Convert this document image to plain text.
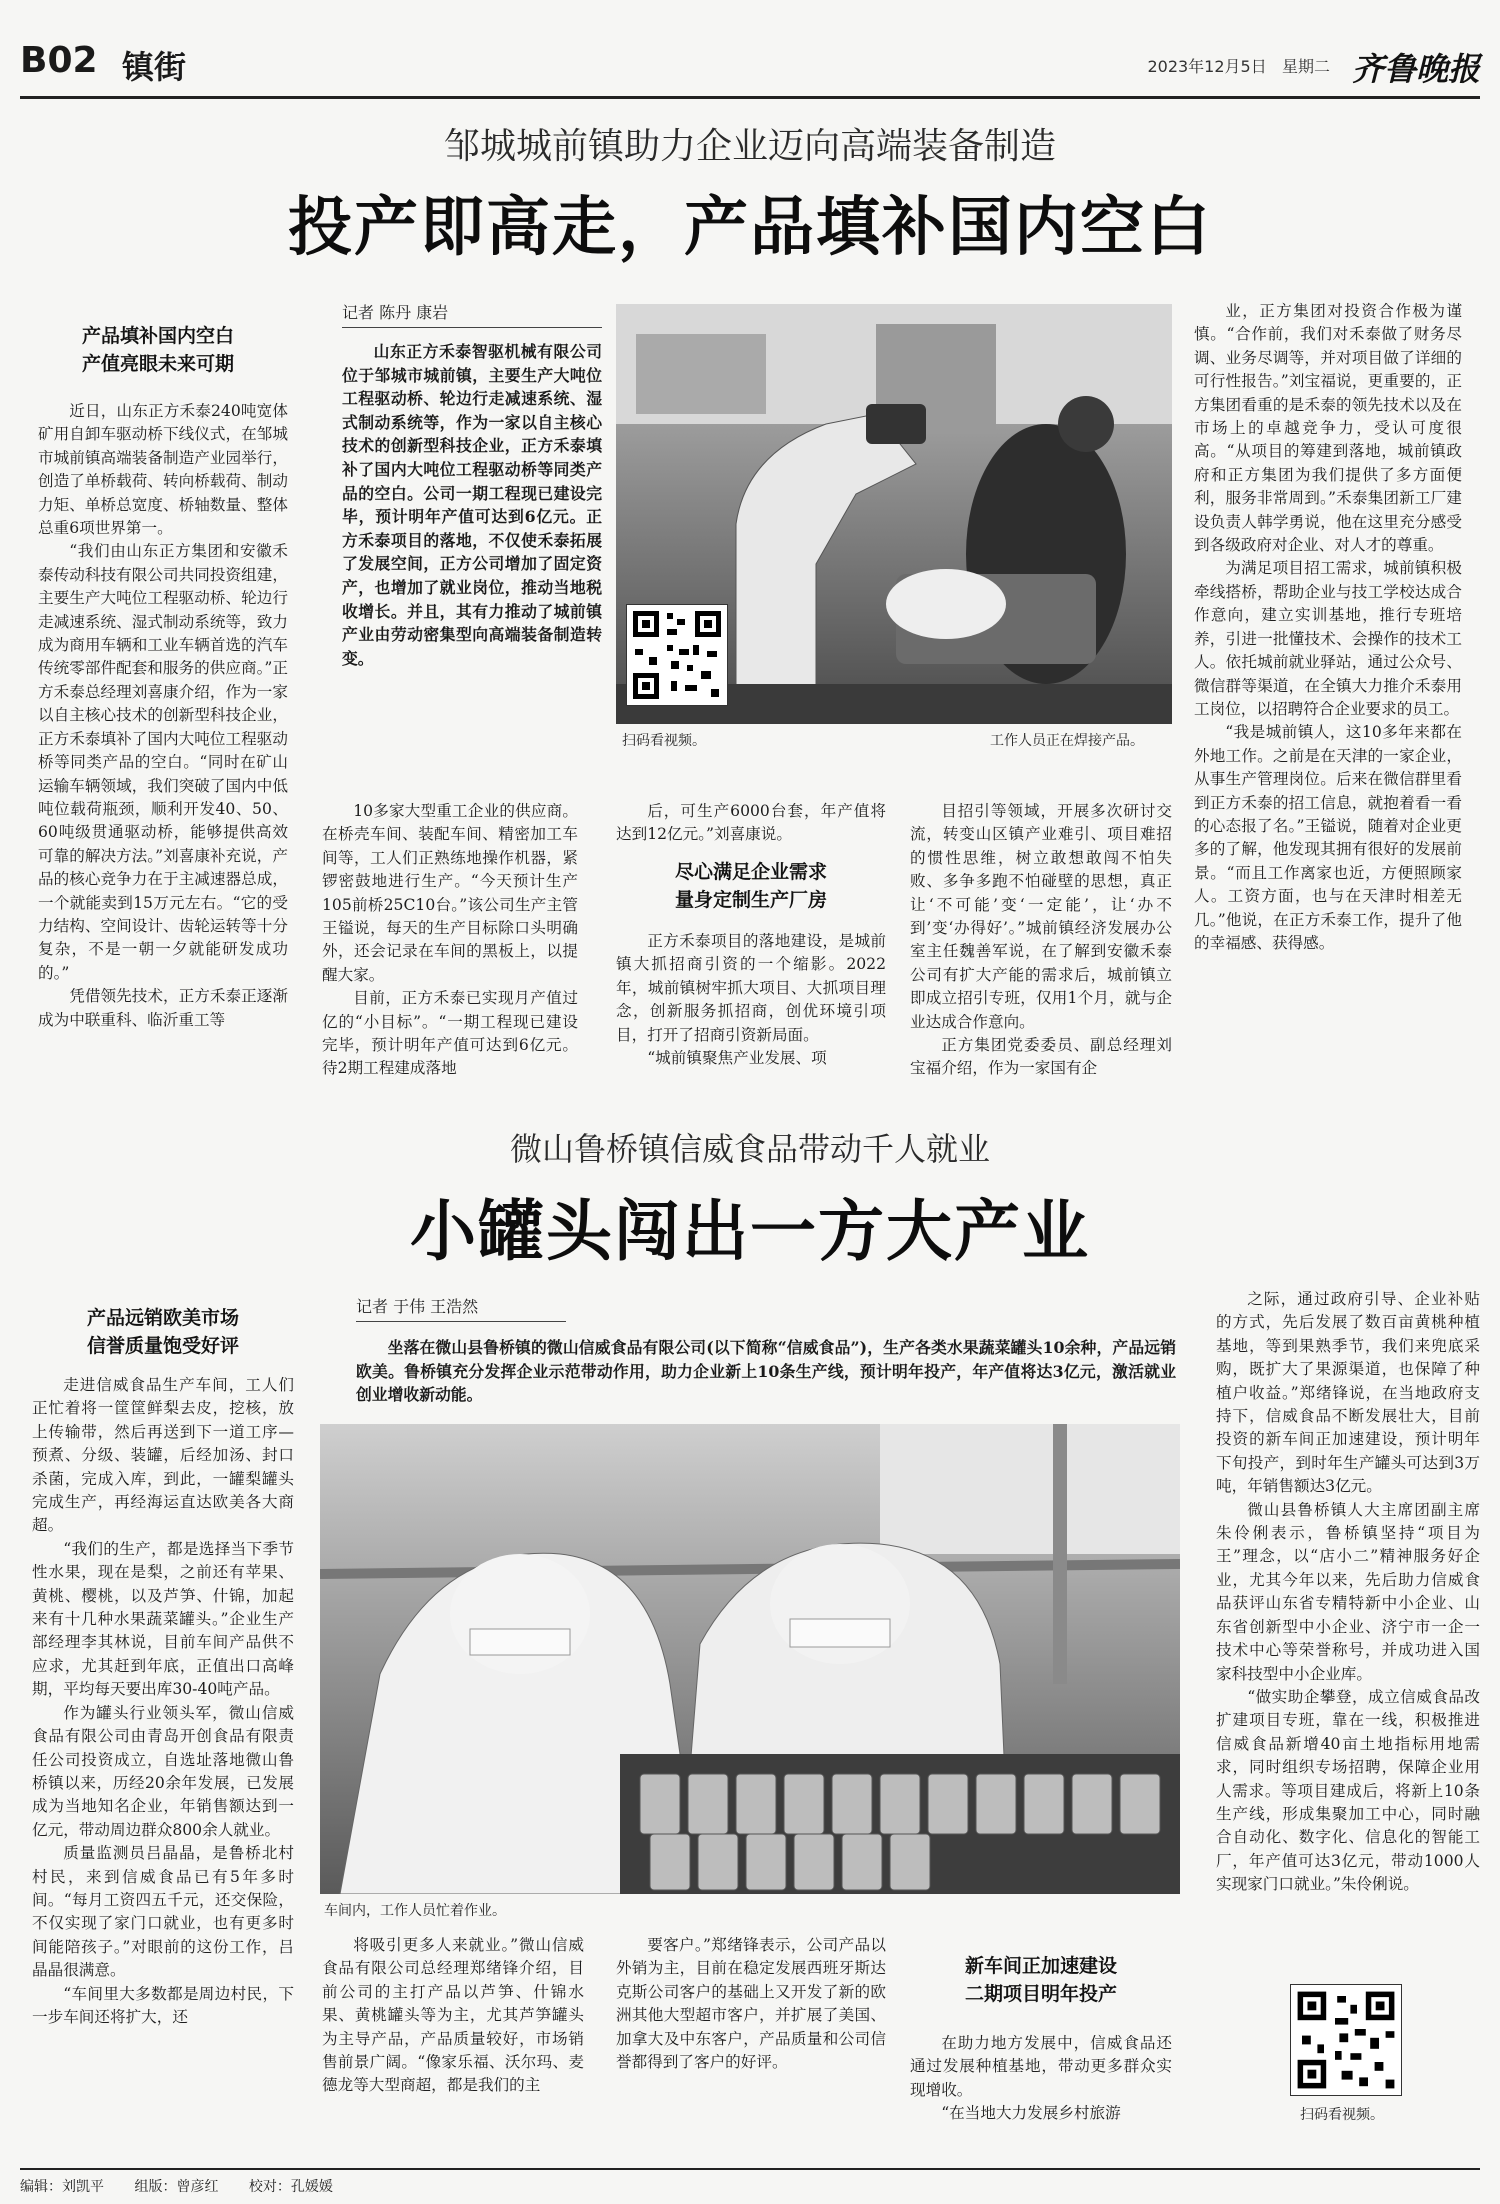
B02 镇街	2023年12月5日 星期二 齐鲁晚报
邹城城前镇助力企业迈向高端装备制造
投产即高走，产品填补国内空白
产品填补国内空白
产值亮眼未来可期

近日，山东正方禾泰240吨宽体矿用自卸车驱动桥下线仪式，在邹城市城前镇高端装备制造产业园举行，创造了单桥载荷、转向桥载荷、制动力矩、单桥总宽度、桥轴数量、整体总重6项世界第一。

“我们由山东正方集团和安徽禾泰传动科技有限公司共同投资组建，主要生产大吨位工程驱动桥、轮边行走减速系统、湿式制动系统等，致力成为商用车辆和工业车辆首选的汽车传统零部件配套和服务的供应商。”正方禾泰总经理刘喜康介绍，作为一家以自主核心技术的创新型科技企业，正方禾泰填补了国内大吨位工程驱动桥等同类产品的空白。“同时在矿山运输车辆领域，我们突破了国内中低吨位载荷瓶颈，顺利开发40、50、60吨级贯通驱动桥，能够提供高效可靠的解决方法。”刘喜康补充说，产品的核心竞争力在于主减速器总成，一个就能卖到15万元左右。“它的受力结构、空间设计、齿轮运转等十分复杂，不是一朝一夕就能研发成功的。”

凭借领先技术，正方禾泰正逐渐成为中联重科、临沂重工等

记者 陈丹 康岩

山东正方禾泰智驱机械有限公司位于邹城市城前镇，主要生产大吨位工程驱动桥、轮边行走减速系统、湿式制动系统等，作为一家以自主核心技术的创新型科技企业，正方禾泰填补了国内大吨位工程驱动桥等同类产品的空白。公司一期工程现已建设完毕，预计明年产值可达到6亿元。正方禾泰项目的落地，不仅使禾泰拓展了发展空间，正方公司增加了固定资产，也增加了就业岗位，推动当地税收增长。并且，其有力推动了城前镇产业由劳动密集型向高端装备制造转变。

扫码看视频。	工作人员正在焊接产品。

10多家大型重工企业的供应商。在桥壳车间、装配车间、精密加工车间等，工人们正熟练地操作机器，紧锣密鼓地进行生产。“今天预计生产105前桥25C10台。”该公司生产主管王镒说，每天的生产目标除口头明确外，还会记录在车间的黑板上，以提醒大家。

目前，正方禾泰已实现月产值过亿的“小目标”。“一期工程现已建设完毕，预计明年产值可达到6亿元。待2期工程建成落地

后，可生产6000台套，年产值将达到12亿元。”刘喜康说。

尽心满足企业需求
量身定制生产厂房

正方禾泰项目的落地建设，是城前镇大抓招商引资的一个缩影。2022年，城前镇树牢抓大项目、大抓项目理念，创新服务抓招商，创优环境引项目，打开了招商引资新局面。

“城前镇聚焦产业发展、项

目招引等领域，开展多次研讨交流，转变山区镇产业难引、项目难招的惯性思维，树立敢想敢闯不怕失败、多争多跑不怕碰壁的思想，真正让‘不可能’变‘一定能’，让‘办不到’变‘办得好’。”城前镇经济发展办公室主任魏善军说，在了解到安徽禾泰公司有扩大产能的需求后，城前镇立即成立招引专班，仅用1个月，就与企业达成合作意向。

正方集团党委委员、副总经理刘宝福介绍，作为一家国有企

业，正方集团对投资合作极为谨慎。“合作前，我们对禾泰做了财务尽调、业务尽调等，并对项目做了详细的可行性报告。”刘宝福说，更重要的，正方集团看重的是禾泰的领先技术以及在市场上的卓越竞争力，受认可度很高。“从项目的筹建到落地，城前镇政府和正方集团为我们提供了多方面便利，服务非常周到。”禾泰集团新工厂建设负责人韩学勇说，他在这里充分感受到各级政府对企业、对人才的尊重。

为满足项目招工需求，城前镇积极牵线搭桥，帮助企业与技工学校达成合作意向，建立实训基地，推行专班培养，引进一批懂技术、会操作的技术工人。依托城前就业驿站，通过公众号、微信群等渠道，在全镇大力推介禾泰用工岗位，以招聘符合企业要求的员工。

“我是城前镇人，这10多年来都在外地工作。之前是在天津的一家企业，从事生产管理岗位。后来在微信群里看到正方禾泰的招工信息，就抱着看一看的心态报了名。”王镒说，随着对企业更多的了解，他发现其拥有很好的发展前景。“而且工作离家也近，方便照顾家人。工资方面，也与在天津时相差无几。”他说，在正方禾泰工作，提升了他的幸福感、获得感。

微山鲁桥镇信威食品带动千人就业
小罐头闯出一方大产业
产品远销欧美市场
信誉质量饱受好评

走进信威食品生产车间，工人们正忙着将一筐筐鲜梨去皮，挖核，放上传输带，然后再送到下一道工序—预煮、分级、装罐，后经加汤、封口杀菌，完成入库，到此，一罐梨罐头完成生产，再经海运直达欧美各大商超。

“我们的生产，都是选择当下季节性水果，现在是梨，之前还有苹果、黄桃、樱桃，以及芦笋、什锦，加起来有十几种水果蔬菜罐头。”企业生产部经理李其林说，目前车间产品供不应求，尤其赶到年底，正值出口高峰期，平均每天要出库30-40吨产品。

作为罐头行业领头军，微山信威食品有限公司由青岛开创食品有限责任公司投资成立，自选址落地微山鲁桥镇以来，历经20余年发展，已发展成为当地知名企业，年销售额达到一亿元，带动周边群众800余人就业。

质量监测员吕晶晶，是鲁桥北村村民，来到信威食品已有5年多时间。“每月工资四五千元，还交保险，不仅实现了家门口就业，也有更多时间能陪孩子。”对眼前的这份工作，吕晶晶很满意。

“车间里大多数都是周边村民，下一步车间还将扩大，还

记者 于伟 王浩然

坐落在微山县鲁桥镇的微山信威食品有限公司(以下简称“信威食品”)，生产各类水果蔬菜罐头10余种，产品远销欧美。鲁桥镇充分发挥企业示范带动作用，助力企业新上10条生产线，预计明年投产，年产值将达3亿元，激活就业创业增收新动能。

车间内，工作人员忙着作业。

将吸引更多人来就业。”微山信威食品有限公司总经理郑绪锋介绍，目前公司的主打产品以芦笋、什锦水果、黄桃罐头等为主，尤其芦笋罐头为主导产品，产品质量较好，市场销售前景广阔。“像家乐福、沃尔玛、麦德龙等大型商超，都是我们的主

要客户。”郑绪锋表示，公司产品以外销为主，目前在稳定发展西班牙斯达克斯公司客户的基础上又开发了新的欧洲其他大型超市客户，并扩展了美国、加拿大及中东客户，产品质量和公司信誉都得到了客户的好评。

新车间正加速建设
二期项目明年投产

在助力地方发展中，信威食品还通过发展种植基地，带动更多群众实现增收。

“在当地大力发展乡村旅游

之际，通过政府引导、企业补贴的方式，先后发展了数百亩黄桃种植基地，等到果熟季节，我们来兜底采购，既扩大了果源渠道，也保障了种植户收益。”郑绪锋说，在当地政府支持下，信威食品不断发展壮大，目前投资的新车间正加速建设，预计明年下旬投产，到时年生产罐头可达到3万吨，年销售额达3亿元。

微山县鲁桥镇人大主席团副主席朱伶俐表示，鲁桥镇坚持“项目为王”理念，以“店小二”精神服务好企业，尤其今年以来，先后助力信威食品获评山东省专精特新中小企业、山东省创新型中小企业、济宁市一企一技术中心等荣誉称号，并成功进入国家科技型中小企业库。

“做实助企攀登，成立信威食品改扩建项目专班，靠在一线，积极推进信威食品新增40亩土地指标用地需求，同时组织专场招聘，保障企业用人需求。等项目建成后，将新上10条生产线，形成集聚加工中心，同时融合自动化、数字化、信息化的智能工厂，年产值可达3亿元，带动1000人实现家门口就业。”朱伶俐说。

扫码看视频。
编辑：刘凯平 组版：曾彦红 校对：孔媛媛
